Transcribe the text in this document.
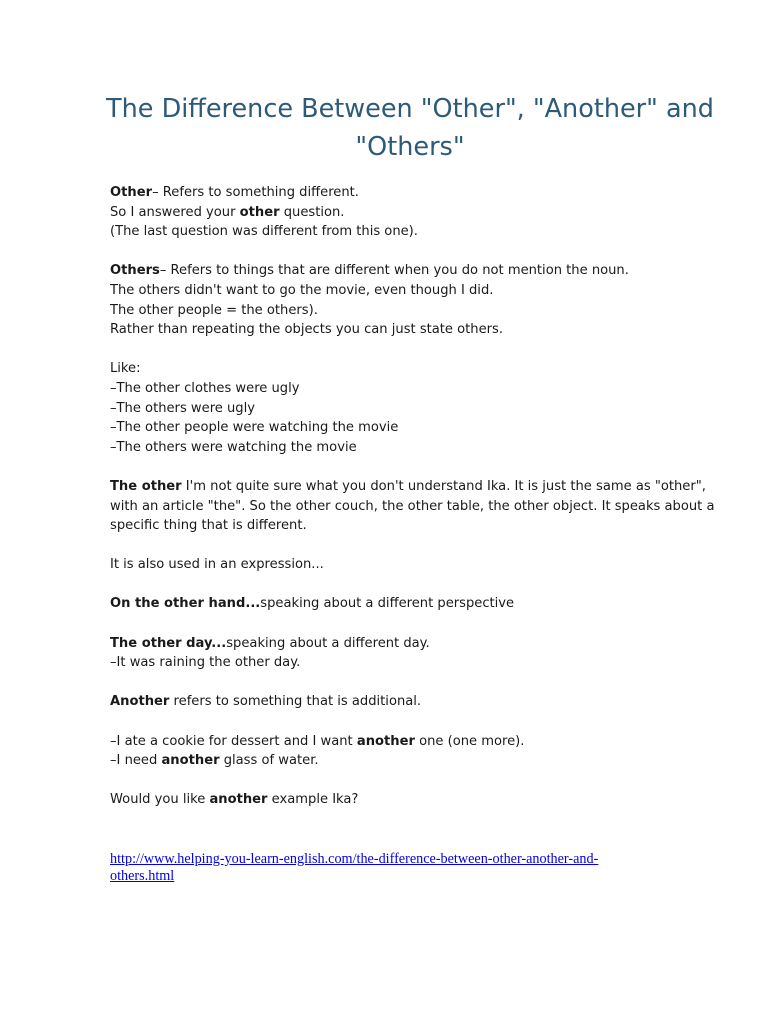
The Difference Between "Other", "Another" and
"Others"
Other– Refers to something different.
So I answered your other question.
(The last question was different from this one).
Others– Refers to things that are different when you do not mention the noun.
The others didn't want to go the movie, even though I did.
The other people = the others).
Rather than repeating the objects you can just state others.
Like:
–The other clothes were ugly
–The others were ugly
–The other people were watching the movie
–The others were watching the movie
The other I'm not quite sure what you don't understand Ika. It is just the same as "other",
with an article "the". So the other couch, the other table, the other object. It speaks about a
specific thing that is different.
It is also used in an expression...
On the other hand...speaking about a different perspective
The other day...speaking about a different day.
–It was raining the other day.
Another refers to something that is additional.
–I ate a cookie for dessert and I want another one (one more).
–I need another glass of water.
Would you like another example Ika?
http://www.helping-you-learn-english.com/the-difference-between-other-another-and-
others.html
